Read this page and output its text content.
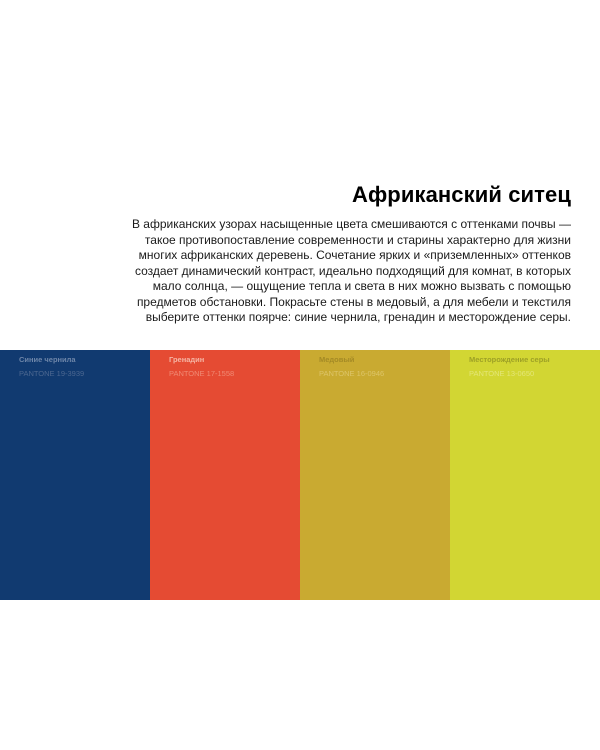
Африканский ситец

В африканских узорах насыщенные цвета смешиваются с оттенками почвы —
такое противопоставление современности и старины характерно для жизни
многих африканских деревень. Сочетание ярких и «приземленных» оттенков
создает динамический контраст, идеально подходящий для комнат, в которых
мало солнца, — ощущение тепла и света в них можно вызвать с помощью
предметов обстановки. Покрасьте стены в медовый, а для мебели и текстиля
выберите оттенки поярче: синие чернила, гренадин и месторождение серы.

Синие чернила
PANTONE 19-3939
Гренадин
PANTONE 17-1558
Медовый
PANTONE 16-0946
Месторождение серы
PANTONE 13-0650
